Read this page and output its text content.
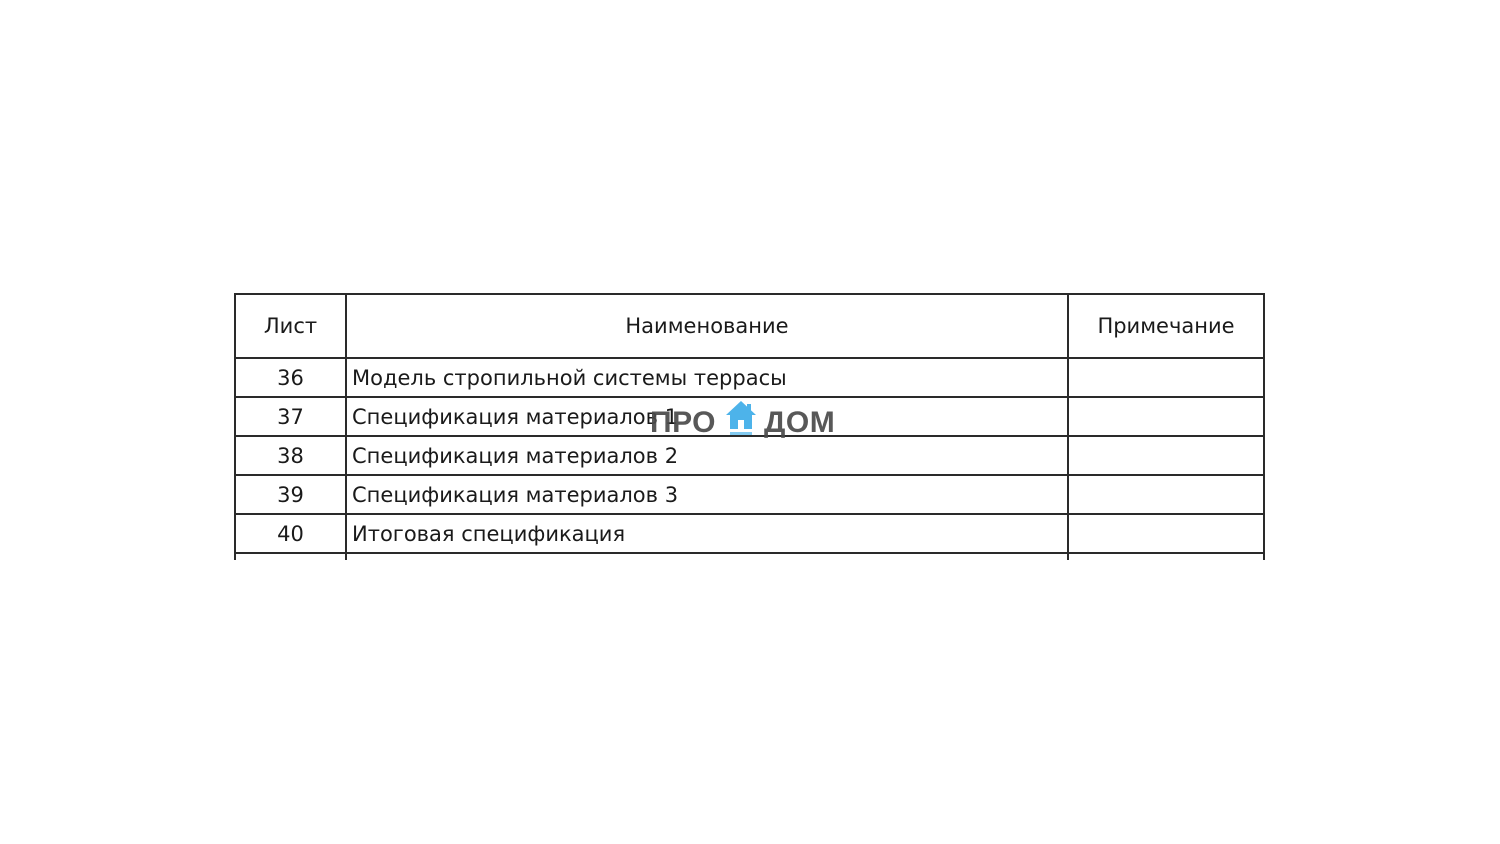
Лист	Наименование	Примечание
36	Модель стропильной системы террасы	
37	Спецификация материалов 1	
38	Спецификация материалов 2	
39	Спецификация материалов 3	
40	Итоговая спецификация	

ПРО ДОМ
